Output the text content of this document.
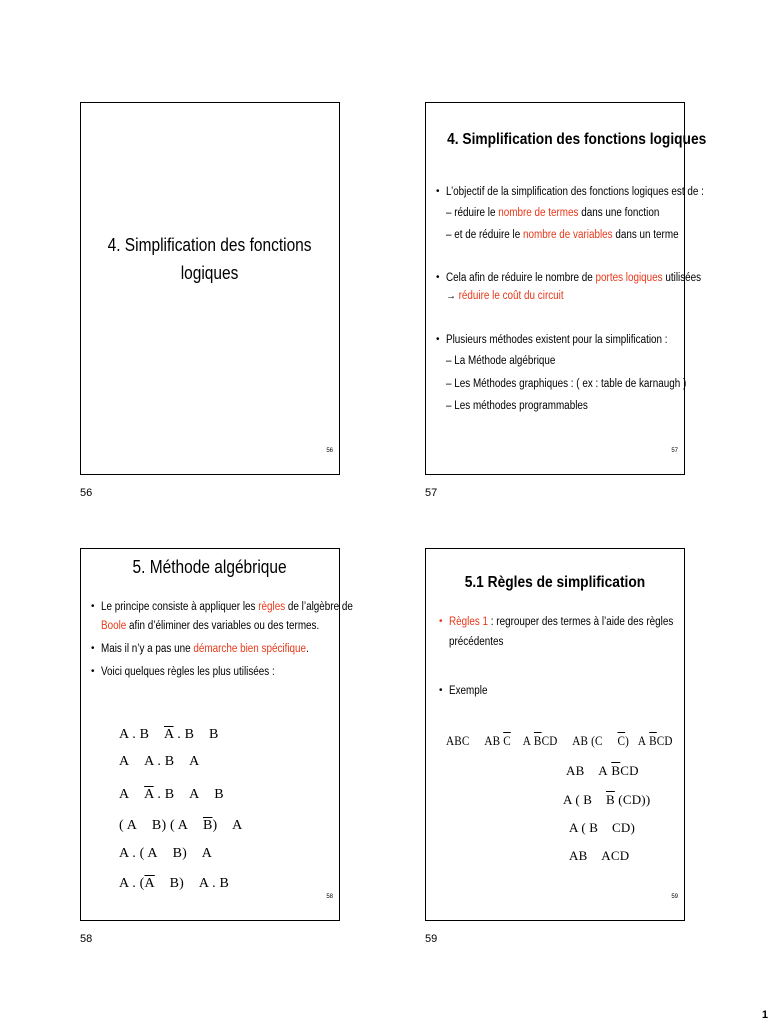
4. Simplification des fonctions
logiques
56
56
4. Simplification des fonctions logiques
• L’objectif de la simplification des fonctions logiques est de :
– réduire le nombre de termes dans une fonction
– et de réduire le nombre de variables dans un terme
• Cela afin de réduire le nombre de portes logiques utilisées
→ réduire le coût du circuit
• Plusieurs méthodes existent pour la simplification :
– La Méthode algébrique
– Les Méthodes graphiques : ( ex : table de karnaugh )
– Les méthodes programmables
57
57
5. Méthode algébrique
• Le principe consiste à appliquer les règles de l’algèbre de
Boole afin d’éliminer des variables ou des termes.
• Mais il n’y a pas une démarche bien spécifique.
• Voici quelques règles les plus utilisées :
A . B $\overline{A}$ . B B
A A . B A
A $\overline{A}$ . B A B
( A B) ( A $\overline{B}$) A
A . ( A B) A
A . ($\overline{A}$ B) A . B
58
58
5.1 Règles de simplification
• Règles 1 : regrouper des termes à l’aide des règles
précédentes
• Exemple
ABC AB $\overline{C}$ A $\overline{B}CD$ AB (C $\overline{C}$) A $\overline{B}CD$
AB A $\overline{B}CD$
A ( B $\overline{B}$ (CD))
A ( B CD)
AB ACD
59
59
1
